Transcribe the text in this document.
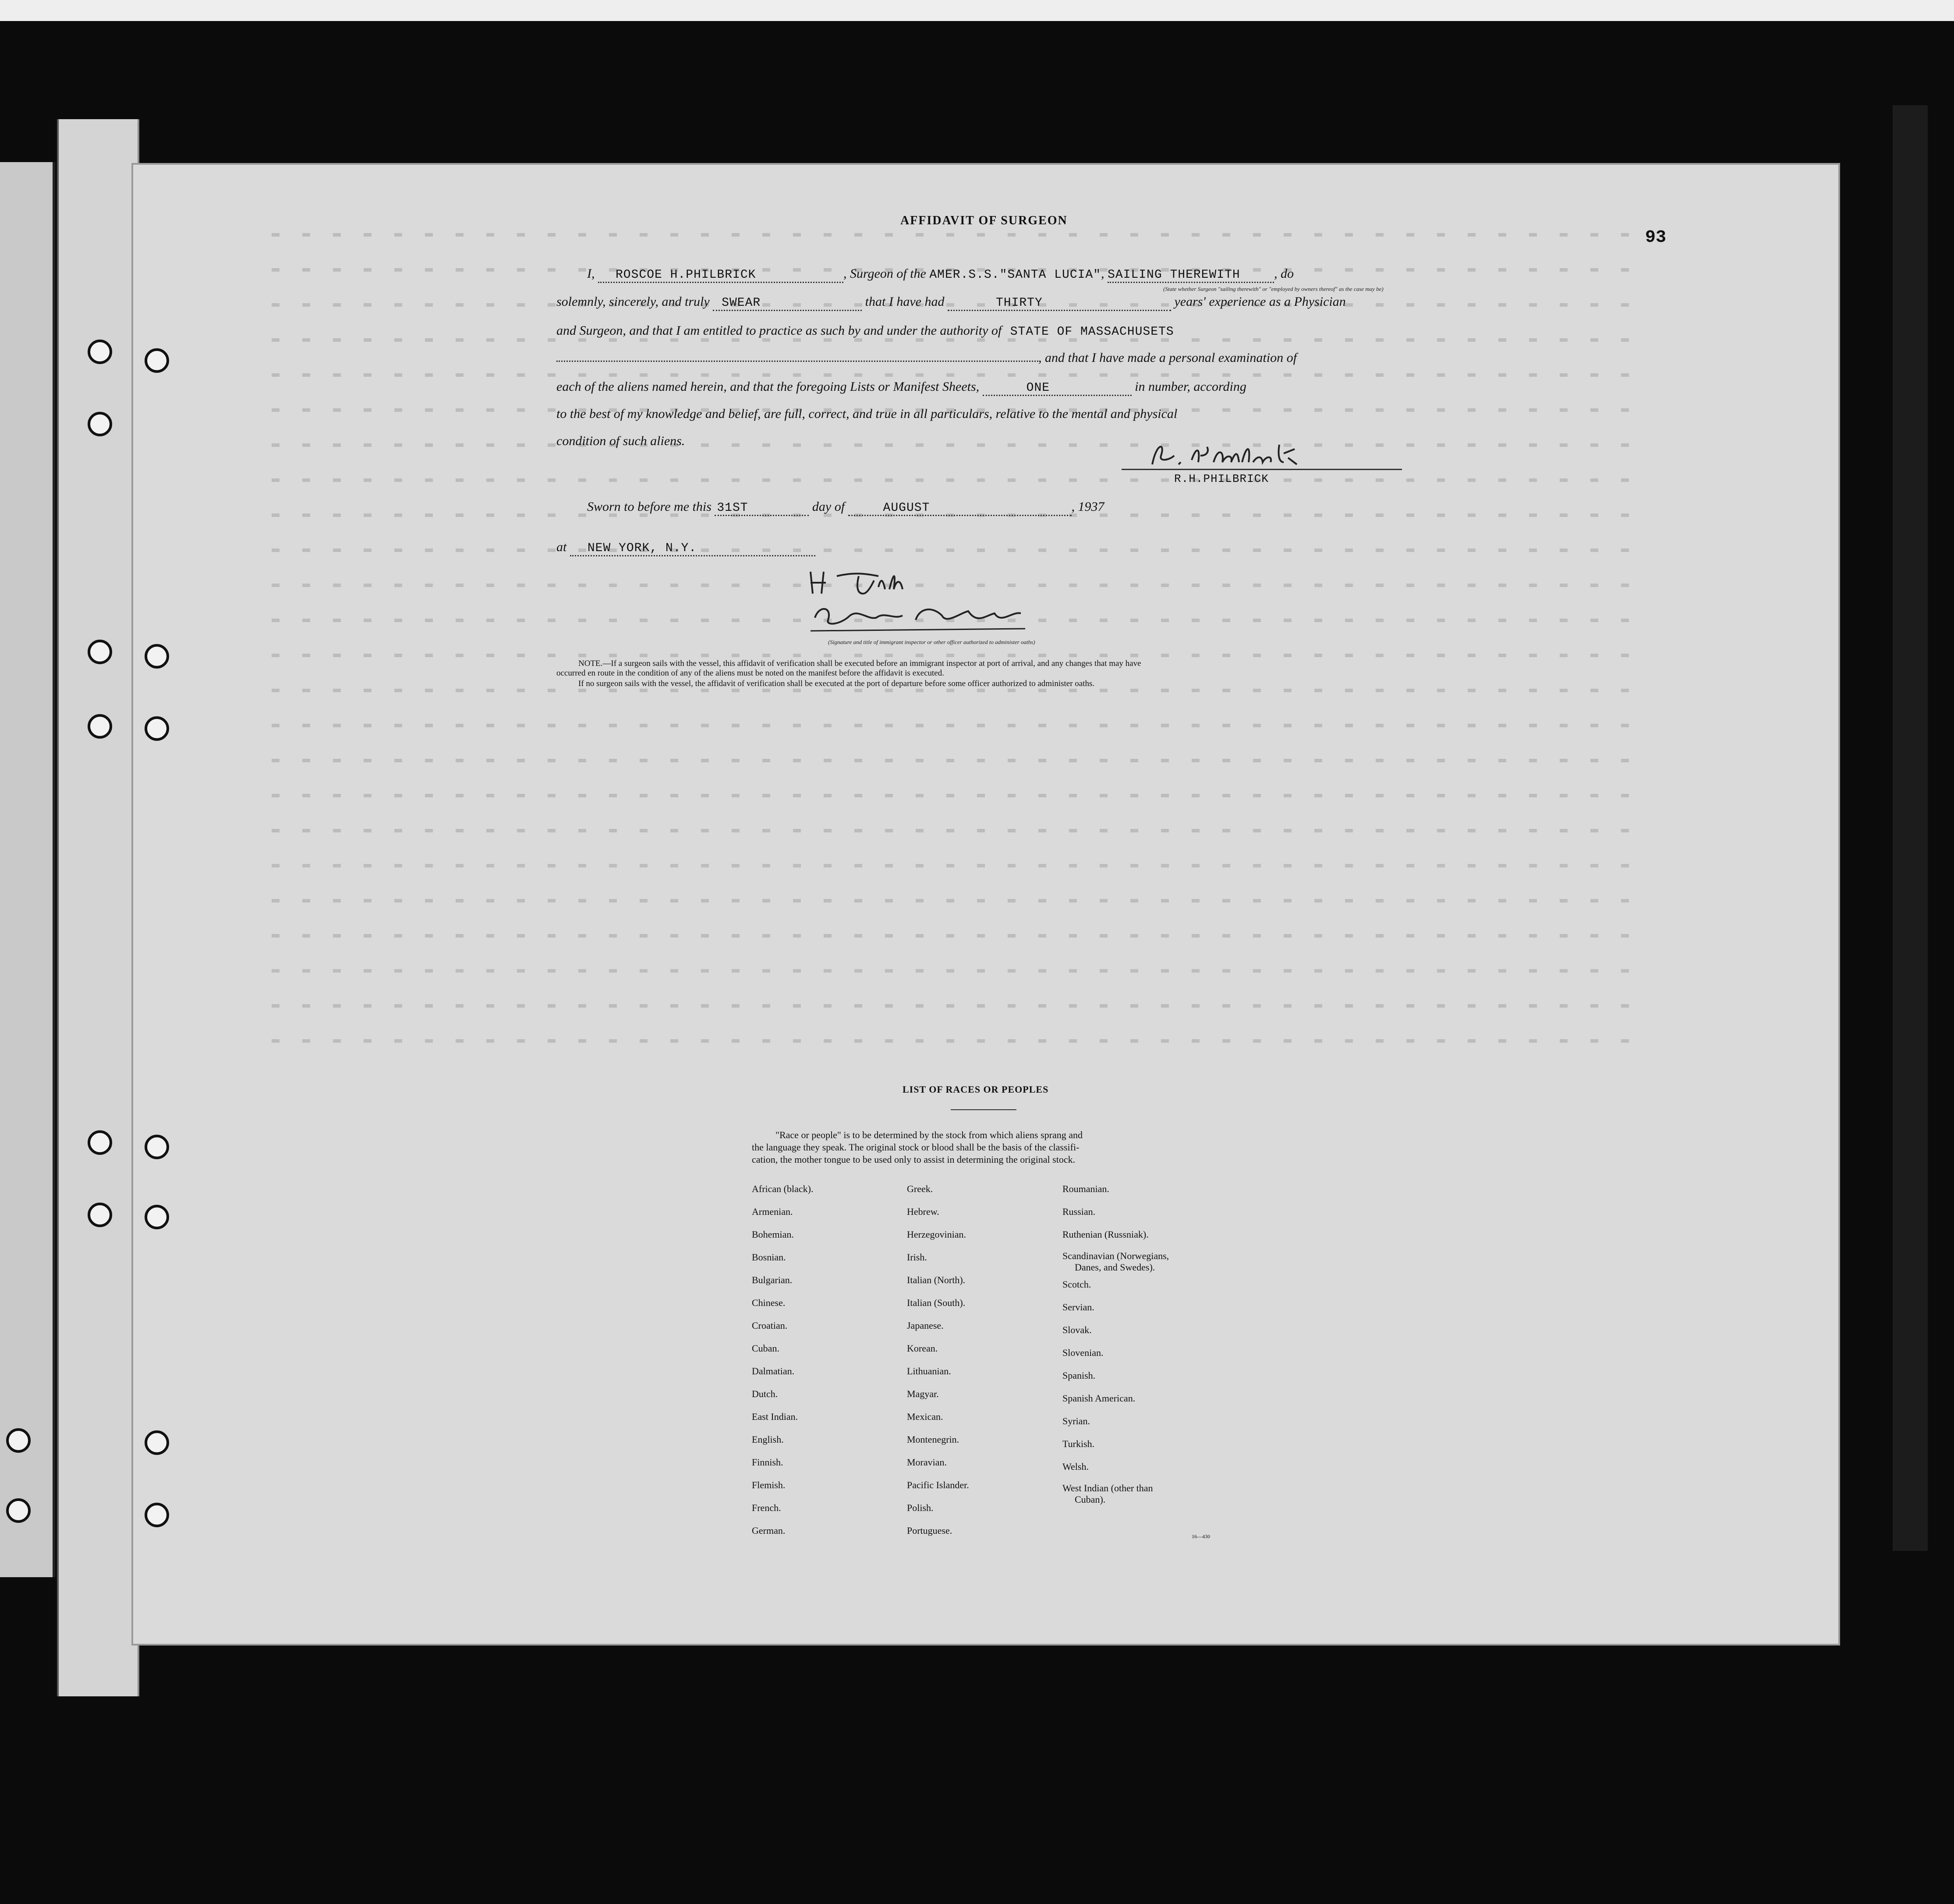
93
AFFIDAVIT OF SURGEON
I, ROSCOE H.PHILBRICK	, Surgeon of the AMER.S.S."SANTA LUCIA", SAILING THEREWITH	, do
(State whether Surgeon "sailing therewith" or "employed by owners thereof" as the case may be)
solemnly, sincerely, and truly SWEAR	that I have had	THIRTY	years' experience as a Physician
and Surgeon, and that I am entitled to practice as such by and under the authority of STATE OF MASSACHUSETS
, and that I have made a personal examination of
each of the aliens named herein, and that the foregoing Lists or Manifest Sheets,	ONE	in number, according
to the best of my knowledge and belief, are full, correct, and true in all particulars, relative to the mental and physical
condition of such aliens.
R.H.PHILBRICK
Sworn to before me this 31ST	day of	AUGUST	, 1937
at NEW YORK, N.Y.
(Signature and title of immigrant inspector or other officer authorized to administer oaths)
NOTE.—If a surgeon sails with the vessel, this affidavit of verification shall be executed before an immigrant inspector at port of arrival, and any changes that may have
occurred en route in the condition of any of the aliens must be noted on the manifest before the affidavit is executed.
If no surgeon sails with the vessel, the affidavit of verification shall be executed at the port of departure before some officer authorized to administer oaths.
LIST OF RACES OR PEOPLES
"Race or people" is to be determined by the stock from which aliens sprang and
the language they speak. The original stock or blood shall be the basis of the classifi-
cation, the mother tongue to be used only to assist in determining the original stock.
African (black).
Armenian.
Bohemian.
Bosnian.
Bulgarian.
Chinese.
Croatian.
Cuban.
Dalmatian.
Dutch.
East Indian.
English.
Finnish.
Flemish.
French.
German.
Greek.
Hebrew.
Herzegovinian.
Irish.
Italian (North).
Italian (South).
Japanese.
Korean.
Lithuanian.
Magyar.
Mexican.
Montenegrin.
Moravian.
Pacific Islander.
Polish.
Portuguese.
Roumanian.
Russian.
Ruthenian (Russniak).
Scandinavian (Norwegians,
Danes, and Swedes).
Scotch.
Servian.
Slovak.
Slovenian.
Spanish.
Spanish American.
Syrian.
Turkish.
Welsh.
West Indian (other than
Cuban).
16—430
